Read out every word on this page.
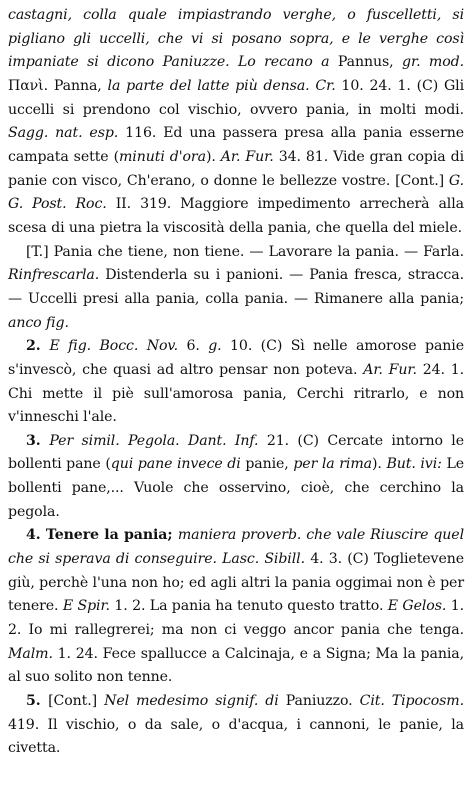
castagni, colla quale impiastrando verghe, o fuscelletti, si pigliano gli uccelli, che vi si posano sopra, e le verghe così impaniate si dicono Paniuzze. Lo recano a Pannus, gr. mod. Πανὶ. Panna, la parte del latte più densa. Cr. 10. 24. 1. (C) Gli uccelli si prendono col vischio, ovvero pania, in molti modi. Sagg. nat. esp. 116. Ed una passera presa alla pania esserne campata sette (minuti d'ora). Ar. Fur. 34. 81. Vide gran copia di panie con visco, Ch'erano, o donne le bellezze vostre. [Cont.] G. G. Post. Roc. II. 319. Maggiore impedimento arrecherà alla scesa di una pietra la viscosità della pania, che quella del miele.

[T.] Pania che tiene, non tiene. — Lavorare la pania. — Farla. Rinfrescarla. Distenderla su i panioni. — Pania fresca, stracca. — Uccelli presi alla pania, colla pania. — Rimanere alla pania; anco fig.

2. E fig. Bocc. Nov. 6. g. 10. (C) Sì nelle amorose panie s'invescò, che quasi ad altro pensar non poteva. Ar. Fur. 24. 1. Chi mette il piè sull'amorosa pania, Cerchi ritrarlo, e non v'inneschi l'ale.

3. Per simil. Pegola. Dant. Inf. 21. (C) Cercate intorno le bollenti pane (qui pane invece di panie, per la rima). But. ivi: Le bollenti pane,... Vuole che osservino, cioè, che cerchino la pegola.

4. Tenere la pania; maniera proverb. che vale Riuscire quel che si sperava di conseguire. Lasc. Sibill. 4. 3. (C) Toglietevene giù, perchè l'una non ho; ed agli altri la pania oggimai non è per tenere. E Spir. 1. 2. La pania ha tenuto questo tratto. E Gelos. 1. 2. Io mi rallegrerei; ma non ci veggo ancor pania che tenga. Malm. 1. 24. Fece spallucce a Calcinaja, e a Signa; Ma la pania, al suo solito non tenne.

5. [Cont.] Nel medesimo signif. di Paniuzzo. Cit. Tipocosm. 419. Il vischio, o da sale, o d'acqua, i cannoni, le panie, la civetta.
